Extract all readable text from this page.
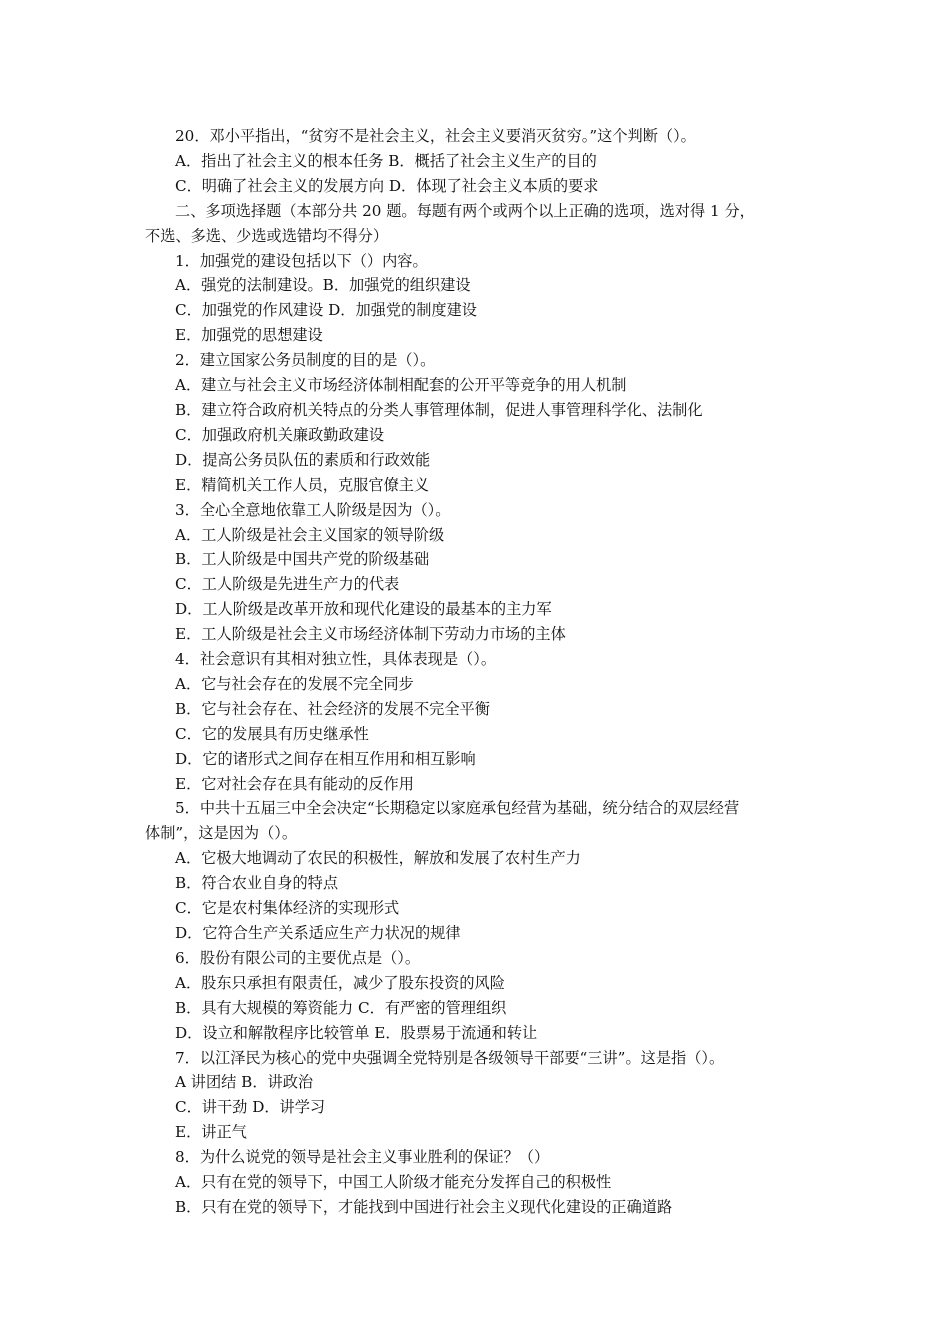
20．邓小平指出，“贫穷不是社会主义，社会主义要消灭贫穷。”这个判断（）。

A．指出了社会主义的根本任务 B．概括了社会主义生产的目的

C．明确了社会主义的发展方向 D．体现了社会主义本质的要求

二、多项选择题（本部分共 20 题。每题有两个或两个以上正确的选项，选对得 1 分，

不选、多选、少选或选错均不得分）

1．加强党的建设包括以下（）内容。

A．强党的法制建设。B．加强党的组织建设

C．加强党的作风建设 D．加强党的制度建设

E．加强党的思想建设

2．建立国家公务员制度的目的是（）。

A．建立与社会主义市场经济体制相配套的公开平等竞争的用人机制

B．建立符合政府机关特点的分类人事管理体制，促进人事管理科学化、法制化

C．加强政府机关廉政勤政建设

D．提高公务员队伍的素质和行政效能

E．精简机关工作人员，克服官僚主义

3．全心全意地依靠工人阶级是因为（）。

A．工人阶级是社会主义国家的领导阶级

B．工人阶级是中国共产党的阶级基础

C．工人阶级是先进生产力的代表

D．工人阶级是改革开放和现代化建设的最基本的主力军

E．工人阶级是社会主义市场经济体制下劳动力市场的主体

4．社会意识有其相对独立性，具体表现是（）。

A．它与社会存在的发展不完全同步

B．它与社会存在、社会经济的发展不完全平衡

C．它的发展具有历史继承性

D．它的诸形式之间存在相互作用和相互影响

E．它对社会存在具有能动的反作用

5．中共十五届三中全会决定“长期稳定以家庭承包经营为基础，统分结合的双层经营

体制”，这是因为（）。

A．它极大地调动了农民的积极性，解放和发展了农村生产力

B．符合农业自身的特点

C．它是农村集体经济的实现形式

D．它符合生产关系适应生产力状况的规律

6．股份有限公司的主要优点是（）。

A．股东只承担有限责任，减少了股东投资的风险

B．具有大规模的筹资能力 C．有严密的管理组织

D．设立和解散程序比较管单 E．股票易于流通和转让

7．以江泽民为核心的党中央强调全党特别是各级领导干部要“三讲”。这是指（）。

A 讲团结 B．讲政治

C．讲干劲 D．讲学习

E．讲正气

8．为什么说党的领导是社会主义事业胜利的保证？（）

A．只有在党的领导下，中国工人阶级才能充分发挥自己的积极性

B．只有在党的领导下，才能找到中国进行社会主义现代化建设的正确道路
